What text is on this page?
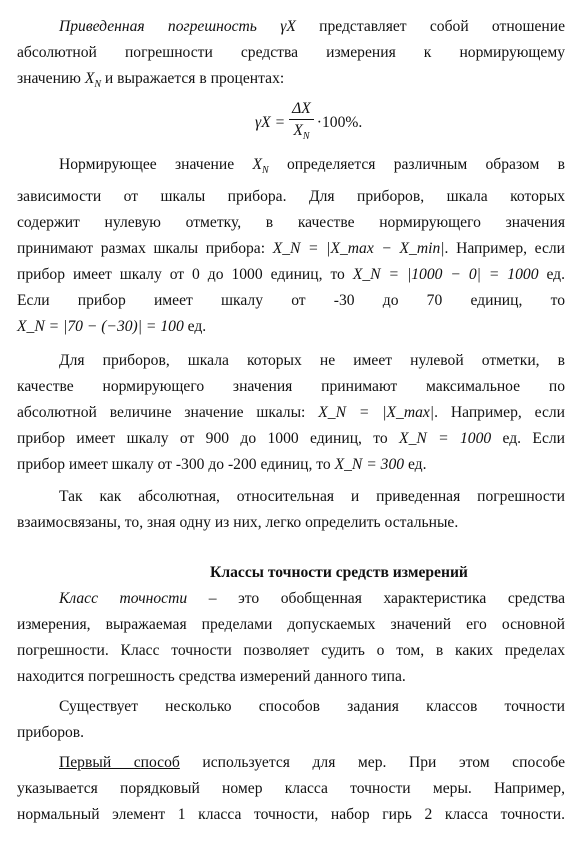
Приведенная погрешность γX представляет собой отношение
абсолютной погрешности средства измерения к нормирующему
значению $X_N$ и выражается в процентах:
$\gamma X = \frac{\Delta X}{X_N} \cdot 100\%$.
Нормирующее значение $X_N$ определяется различным образом в
зависимости от шкалы прибора. Для приборов, шкала которых
содержит нулевую отметку, в качестве нормирующего значения
принимают размах шкалы прибора: X_N = |X_max − X_min|. Например, если
прибор имеет шкалу от 0 до 1000 единиц, то X_N = |1000 − 0| = 1000 ед.
Если прибор имеет шкалу от -30 до 70 единиц, то
X_N = |70 − (−30)| = 100 ед.
Для приборов, шкала которых не имеет нулевой отметки, в
качестве нормирующего значения принимают максимальное по
абсолютной величине значение шкалы: X_N = |X_max|. Например, если
прибор имеет шкалу от 900 до 1000 единиц, то X_N = 1000 ед. Если
прибор имеет шкалу от -300 до -200 единиц, то X_N = 300 ед.
Так как абсолютная, относительная и приведенная погрешности
взаимосвязаны, то, зная одну из них, легко определить остальные.
Классы точности средств измерений
Класс точности – это обобщенная характеристика средства
измерения, выражаемая пределами допускаемых значений его основной
погрешности. Класс точности позволяет судить о том, в каких пределах
находится погрешность средства измерений данного типа.
Существует несколько способов задания классов точности
приборов.
Первый способ используется для мер. При этом способе
указывается порядковый номер класса точности меры. Например,
нормальный элемент 1 класса точности, набор гирь 2 класса точности.
